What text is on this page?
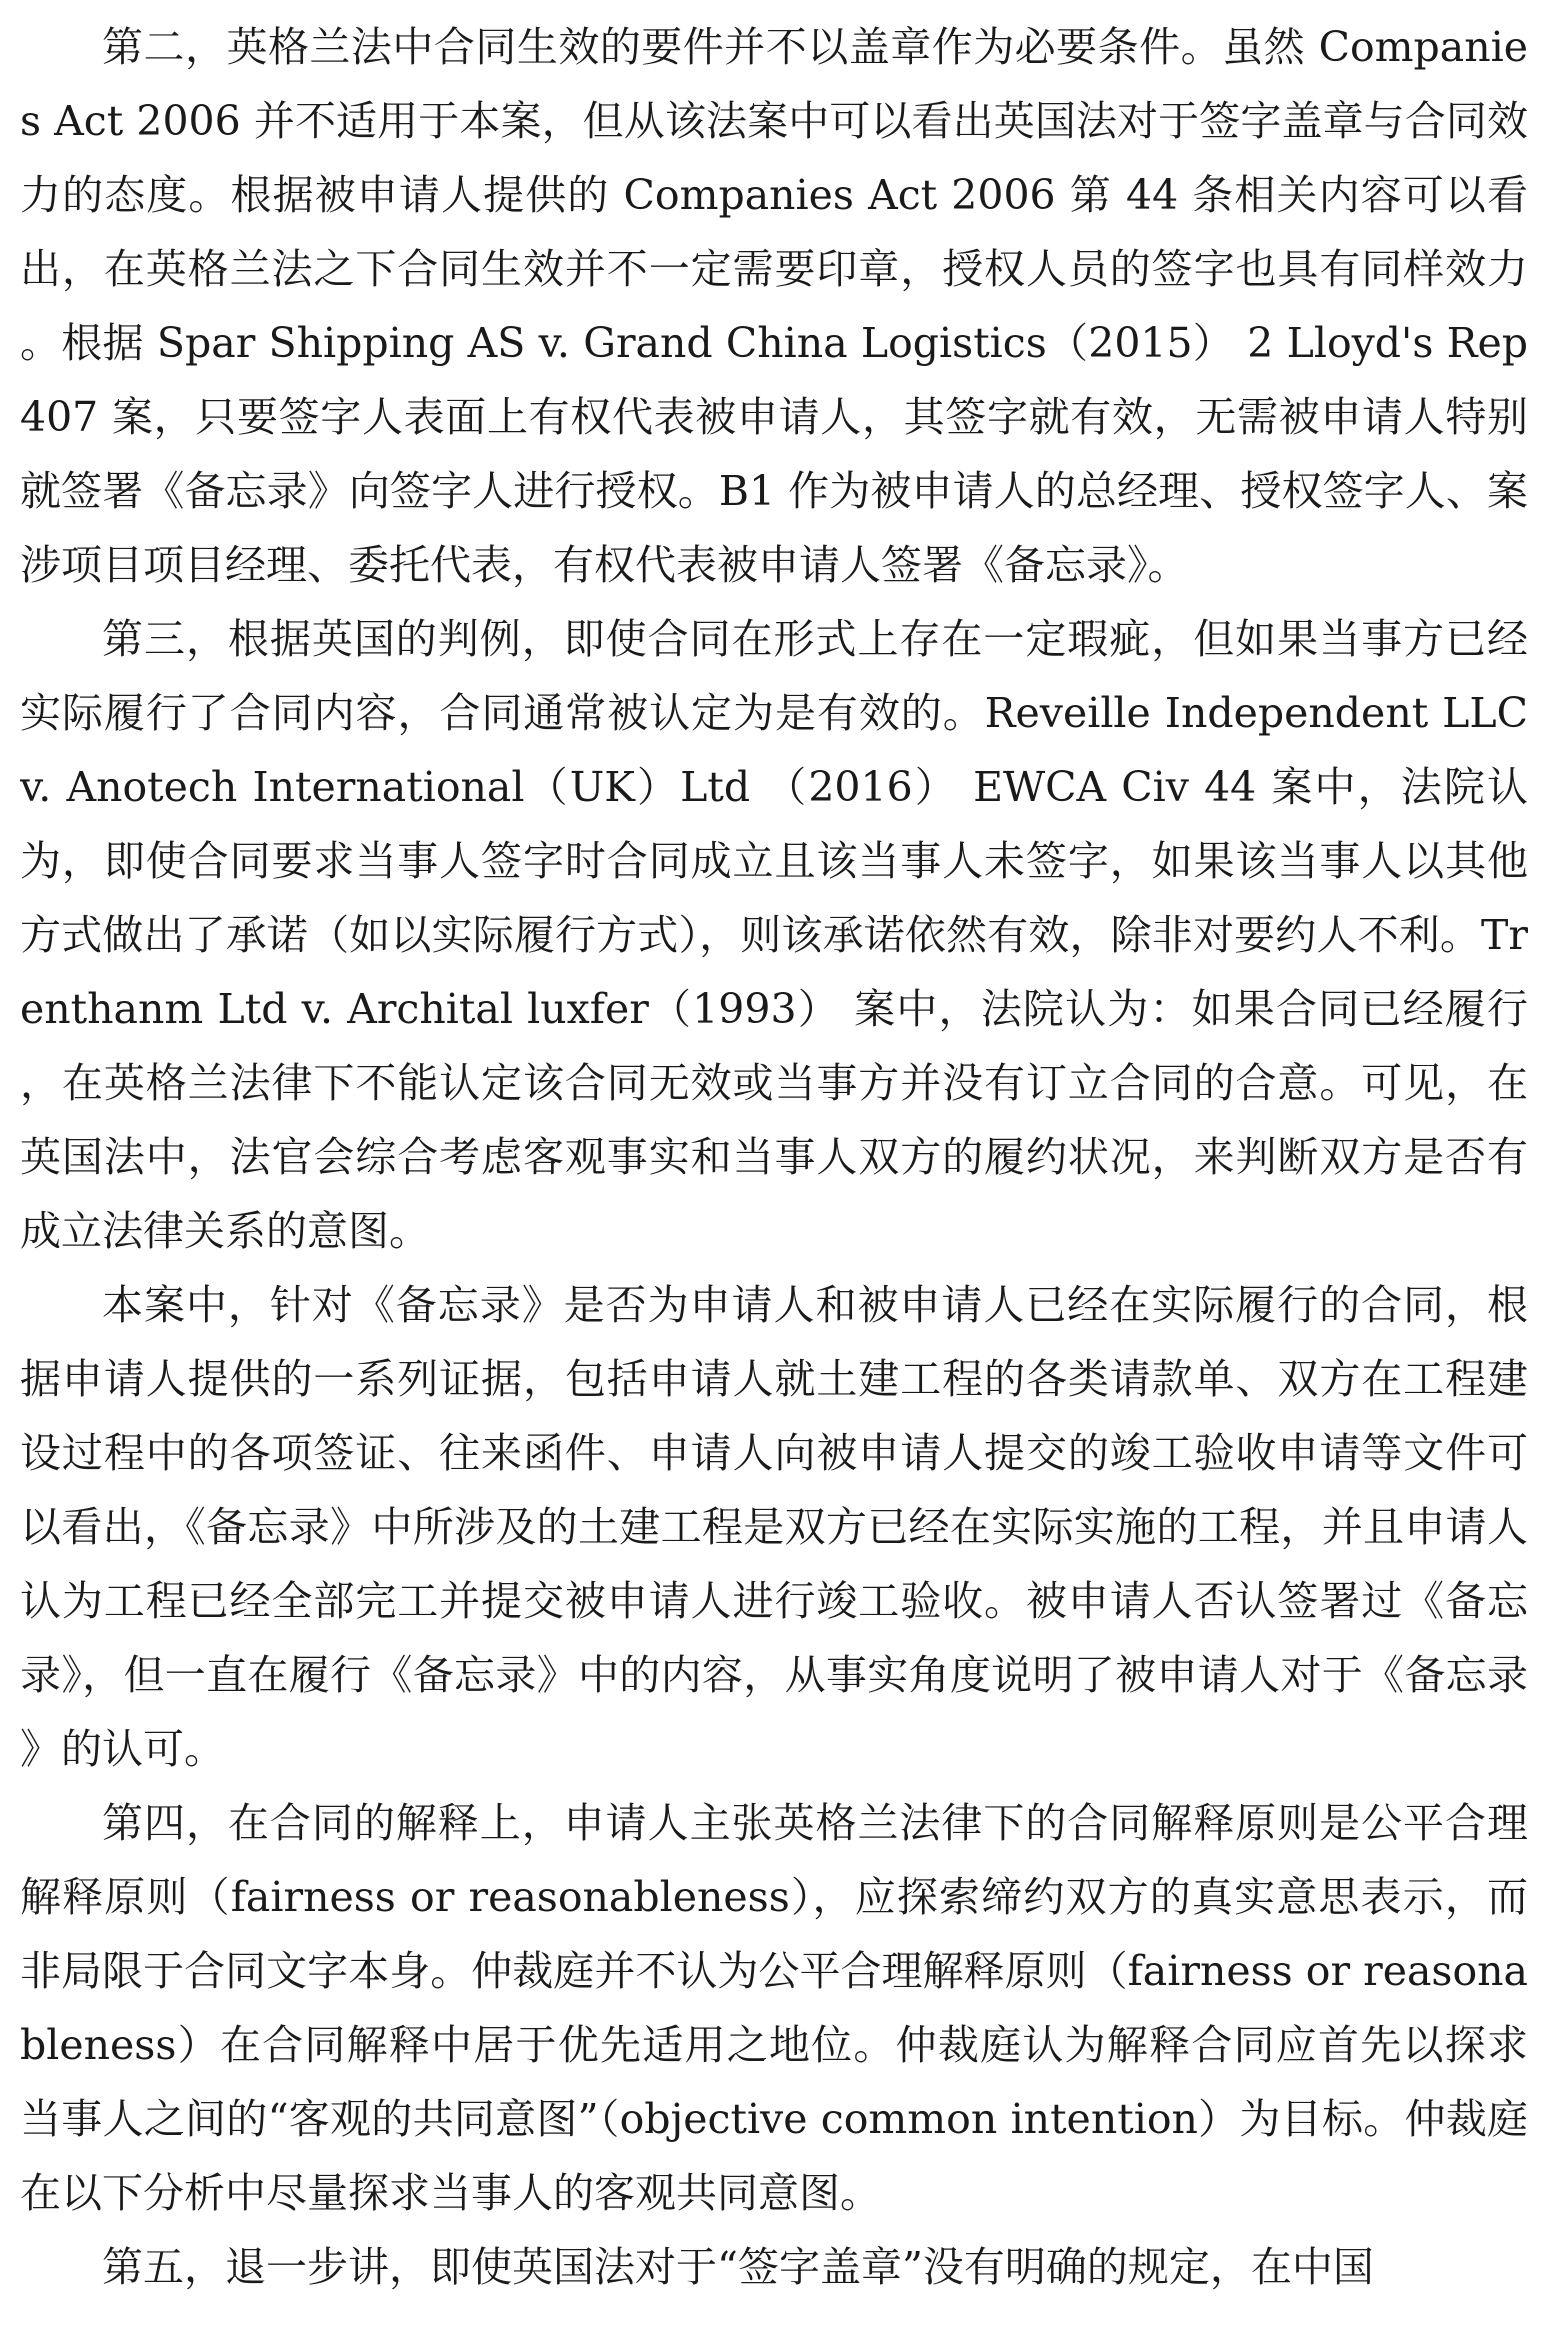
第二，英格兰法中合同生效的要件并不以盖章作为必要条件。虽然 Companies Act 2006 并不适用于本案，但从该法案中可以看出英国法对于签字盖章与合同效力的态度。根据被申请人提供的 Companies Act 2006 第 44 条相关内容可以看出，在英格兰法之下合同生效并不一定需要印章，授权人员的签字也具有同样效力。根据 Spar Shipping AS v. Grand China Logistics（2015） 2 Lloyd's Rep 407 案，只要签字人表面上有权代表被申请人，其签字就有效，无需被申请人特别就签署《备忘录》向签字人进行授权。B1 作为被申请人的总经理、授权签字人、案涉项目项目经理、委托代表，有权代表被申请人签署《备忘录》。

第三，根据英国的判例，即使合同在形式上存在一定瑕疵，但如果当事方已经实际履行了合同内容，合同通常被认定为是有效的。Reveille Independent LLC v. Anotech International（UK）Ltd （2016） EWCA Civ 44 案中，法院认为，即使合同要求当事人签字时合同成立且该当事人未签字，如果该当事人以其他方式做出了承诺（如以实际履行方式），则该承诺依然有效，除非对要约人不利。Trenthanm Ltd v. Archital luxfer（1993） 案中，法院认为：如果合同已经履行，在英格兰法律下不能认定该合同无效或当事方并没有订立合同的合意。可见，在英国法中，法官会综合考虑客观事实和当事人双方的履约状况，来判断双方是否有成立法律关系的意图。

本案中，针对《备忘录》是否为申请人和被申请人已经在实际履行的合同，根据申请人提供的一系列证据，包括申请人就土建工程的各类请款单、双方在工程建设过程中的各项签证、往来函件、申请人向被申请人提交的竣工验收申请等文件可以看出，《备忘录》中所涉及的土建工程是双方已经在实际实施的工程，并且申请人认为工程已经全部完工并提交被申请人进行竣工验收。被申请人否认签署过《备忘录》，但一直在履行《备忘录》中的内容，从事实角度说明了被申请人对于《备忘录》的认可。

第四，在合同的解释上，申请人主张英格兰法律下的合同解释原则是公平合理解释原则（fairness or reasonableness），应探索缔约双方的真实意思表示，而非局限于合同文字本身。仲裁庭并不认为公平合理解释原则（fairness or reasonableness）在合同解释中居于优先适用之地位。仲裁庭认为解释合同应首先以探求当事人之间的“客观的共同意图”（objective common intention）为目标。仲裁庭在以下分析中尽量探求当事人的客观共同意图。

第五，退一步讲，即使英国法对于“签字盖章”没有明确的规定，在中国
